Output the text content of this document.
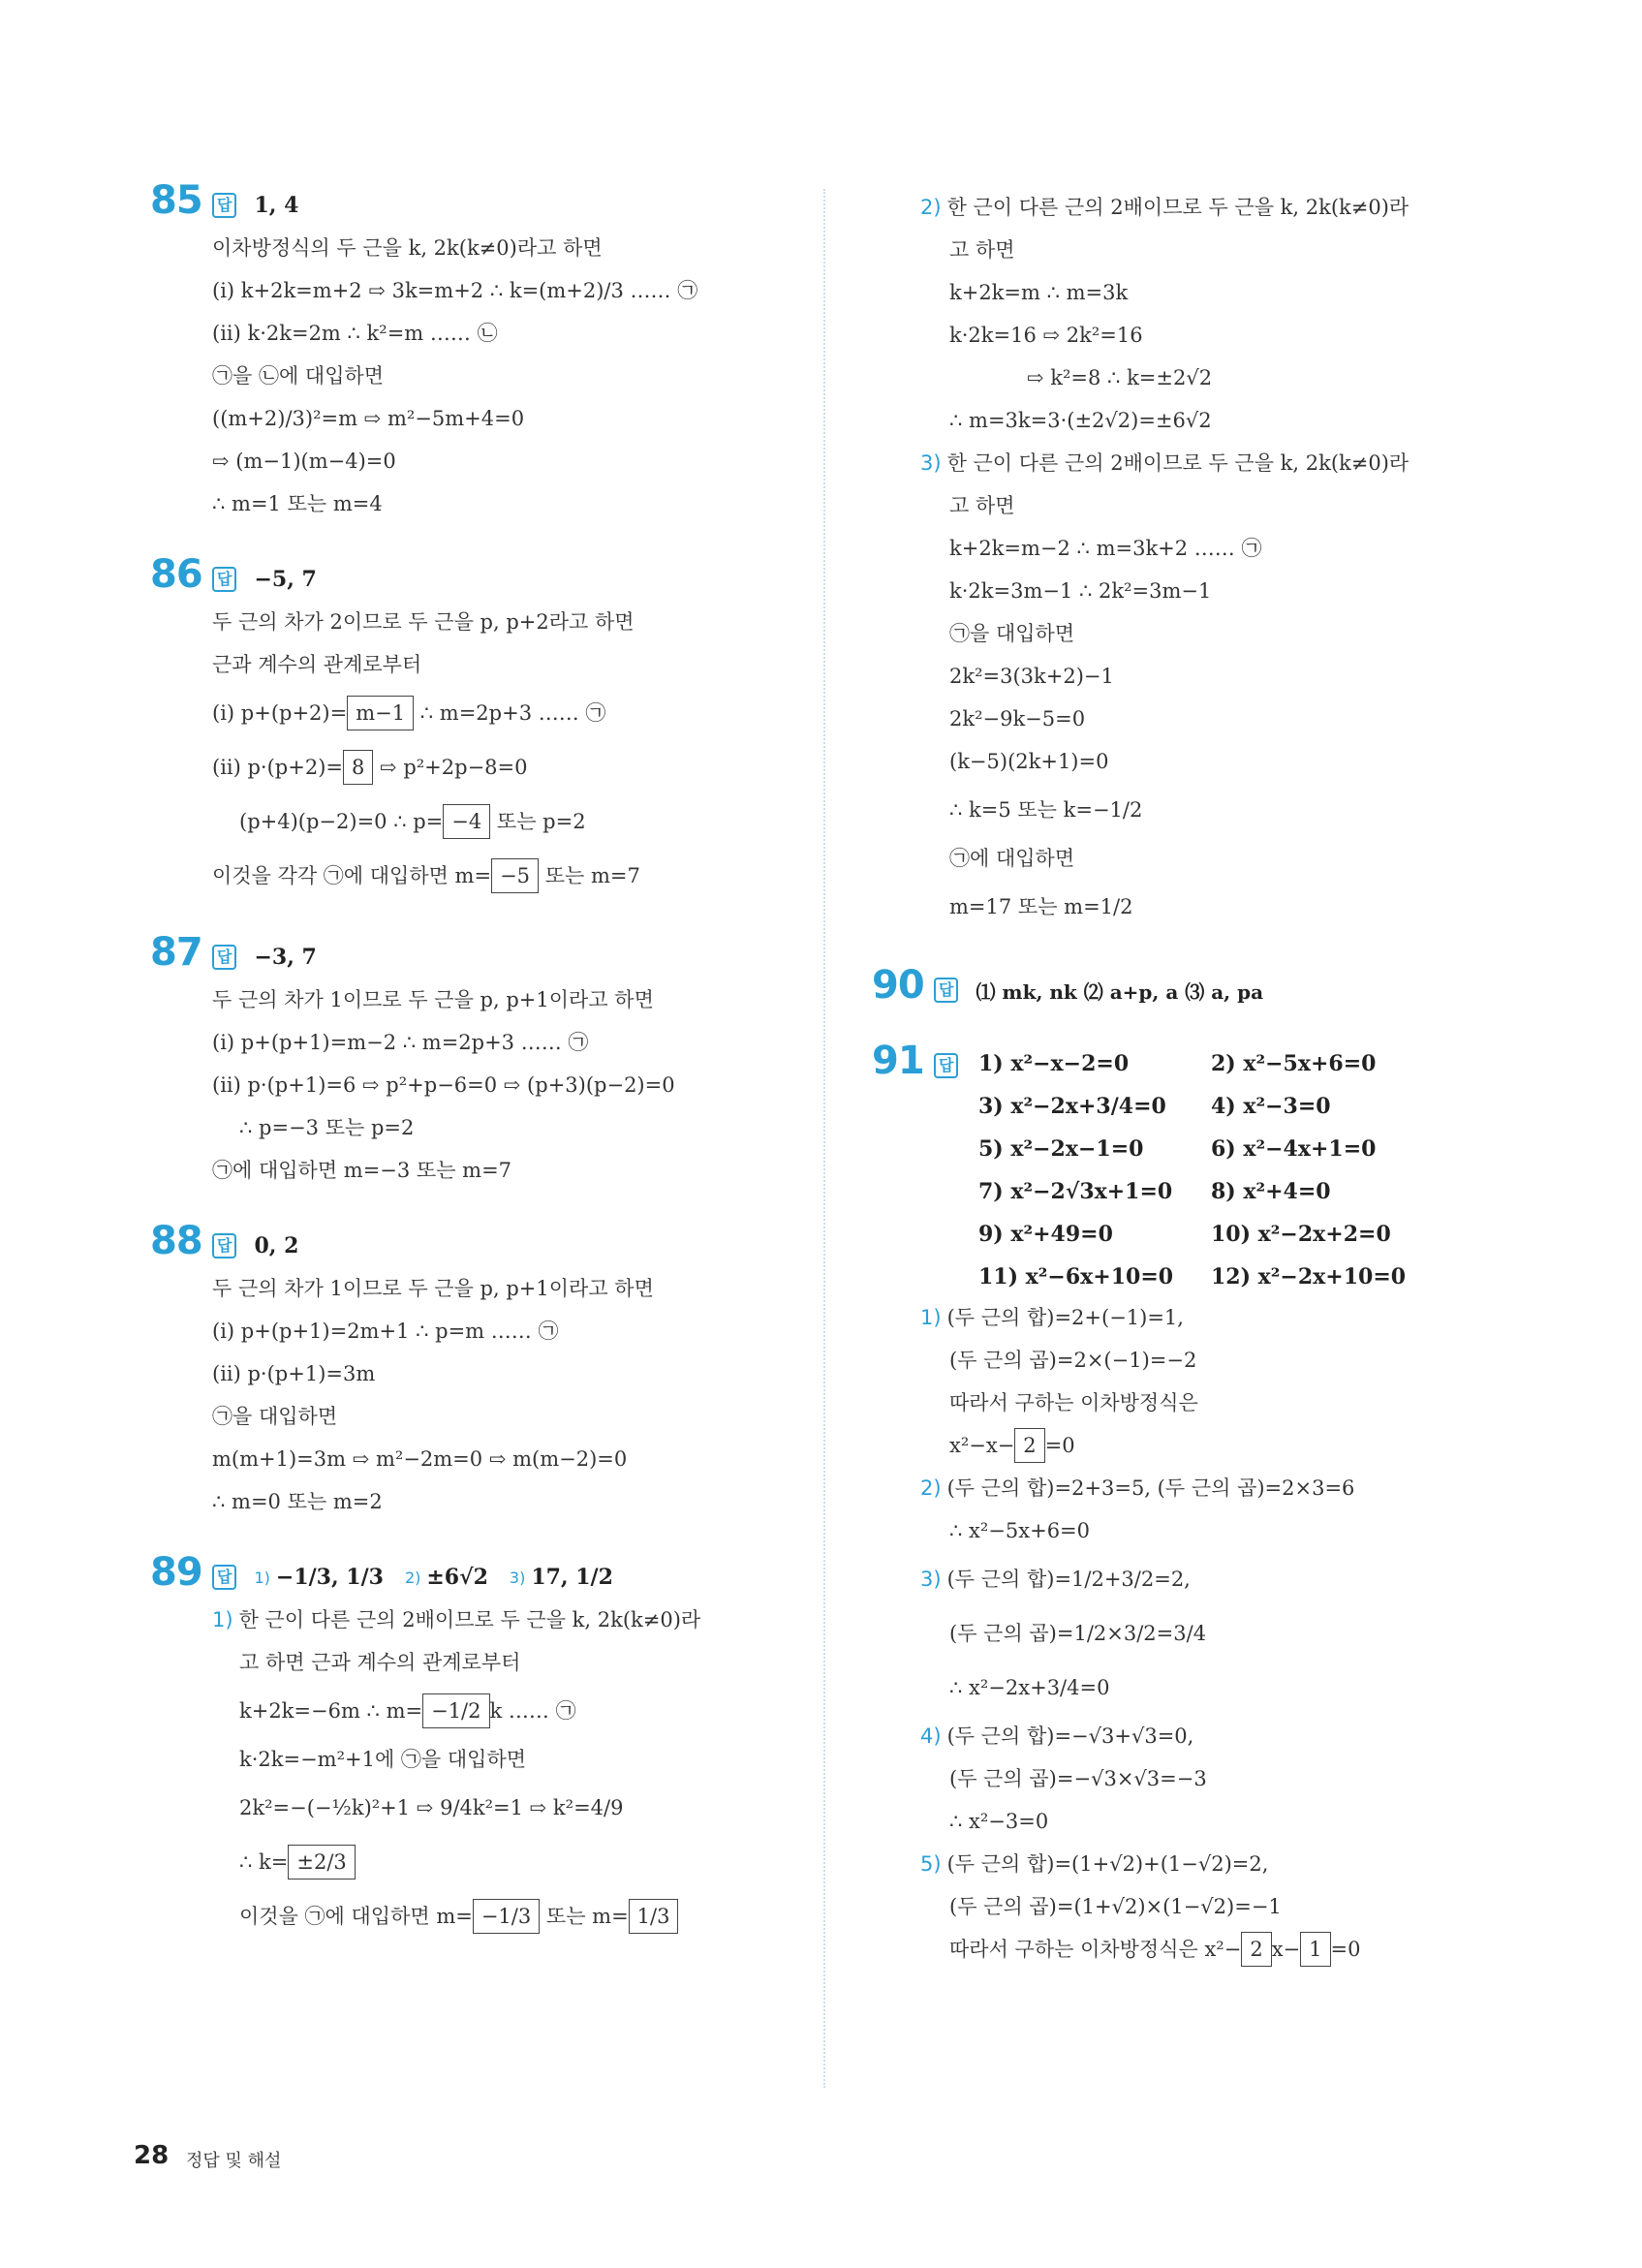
85 답 1, 4
이차방정식의 두 근을 k, 2k(k≠0)라고 하면
(i) k+2k=m+2 ⇨ 3k=m+2 ∴ k=(m+2)/3 …… ㉠
(ii) k·2k=2m ∴ k²=m …… ㉡
㉠을 ㉡에 대입하면
((m+2)/3)²=m ⇨ m²−5m+4=0
⇨ (m−1)(m−4)=0
∴ m=1 또는 m=4
86 답 −5, 7
두 근의 차가 2이므로 두 근을 p, p+2라고 하면
근과 계수의 관계로부터
(i) p+(p+2)= m−1 ∴ m=2p+3 …… ㉠
(ii) p·(p+2)= 8 ⇨ p²+2p−8=0
(p+4)(p−2)=0 ∴ p= −4 또는 p=2
이것을 각각 ㉠에 대입하면 m= −5 또는 m=7
87 답 −3, 7
두 근의 차가 1이므로 두 근을 p, p+1이라고 하면
(i) p+(p+1)=m−2 ∴ m=2p+3 …… ㉠
(ii) p·(p+1)=6 ⇨ p²+p−6=0 ⇨ (p+3)(p−2)=0
∴ p=−3 또는 p=2
㉠에 대입하면 m=−3 또는 m=7
88 답 0, 2
두 근의 차가 1이므로 두 근을 p, p+1이라고 하면
(i) p+(p+1)=2m+1 ∴ p=m …… ㉠
(ii) p·(p+1)=3m
㉠을 대입하면
m(m+1)=3m ⇨ m²−2m=0 ⇨ m(m−2)=0
∴ m=0 또는 m=2
89 답	1) −1/3, 1/3 2) ±6√2 3) 17, 1/2
1) 한 근이 다른 근의 2배이므로 두 근을 k, 2k(k≠0)라
고 하면 근과 계수의 관계로부터
k+2k=−6m ∴ m= −1/2 k …… ㉠
k·2k=−m²+1에 ㉠을 대입하면
2k²=−(−½k)²+1 ⇨ 9/4k²=1 ⇨ k²=4/9
∴ k= ±2/3
이것을 ㉠에 대입하면 m= −1/3 또는 m= 1/3
2) 한 근이 다른 근의 2배이므로 두 근을 k, 2k(k≠0)라
고 하면
k+2k=m ∴ m=3k
k·2k=16 ⇨ 2k²=16
⇨ k²=8 ∴ k=±2√2
∴ m=3k=3·(±2√2)=±6√2
3) 한 근이 다른 근의 2배이므로 두 근을 k, 2k(k≠0)라
고 하면
k+2k=m−2 ∴ m=3k+2 …… ㉠
k·2k=3m−1 ∴ 2k²=3m−1
㉠을 대입하면
2k²=3(3k+2)−1
2k²−9k−5=0
(k−5)(2k+1)=0
∴ k=5 또는 k=−1/2
㉠에 대입하면
m=17 또는 m=1/2
90 답 ⑴ mk, nk ⑵ a+p, a ⑶ a, pa
91 답 1) x²−x−2=0	2) x²−5x+6=0
3) x²−2x+3/4=0	4) x²−3=0
5) x²−2x−1=0	6) x²−4x+1=0
7) x²−2√3x+1=0	8) x²+4=0
9) x²+49=0	10) x²−2x+2=0
11) x²−6x+10=0	12) x²−2x+10=0
1) (두 근의 합)=2+(−1)=1,
(두 근의 곱)=2×(−1)=−2
따라서 구하는 이차방정식은
x²−x− 2 =0
2) (두 근의 합)=2+3=5, (두 근의 곱)=2×3=6
∴ x²−5x+6=0
3) (두 근의 합)=1/2+3/2=2,
(두 근의 곱)=1/2×3/2=3/4
∴ x²−2x+3/4=0
4) (두 근의 합)=−√3+√3=0,
(두 근의 곱)=−√3×√3=−3
∴ x²−3=0
5) (두 근의 합)=(1+√2)+(1−√2)=2,
(두 근의 곱)=(1+√2)×(1−√2)=−1
따라서 구하는 이차방정식은 x²− 2 x− 1 =0
28 정답 및 해설
